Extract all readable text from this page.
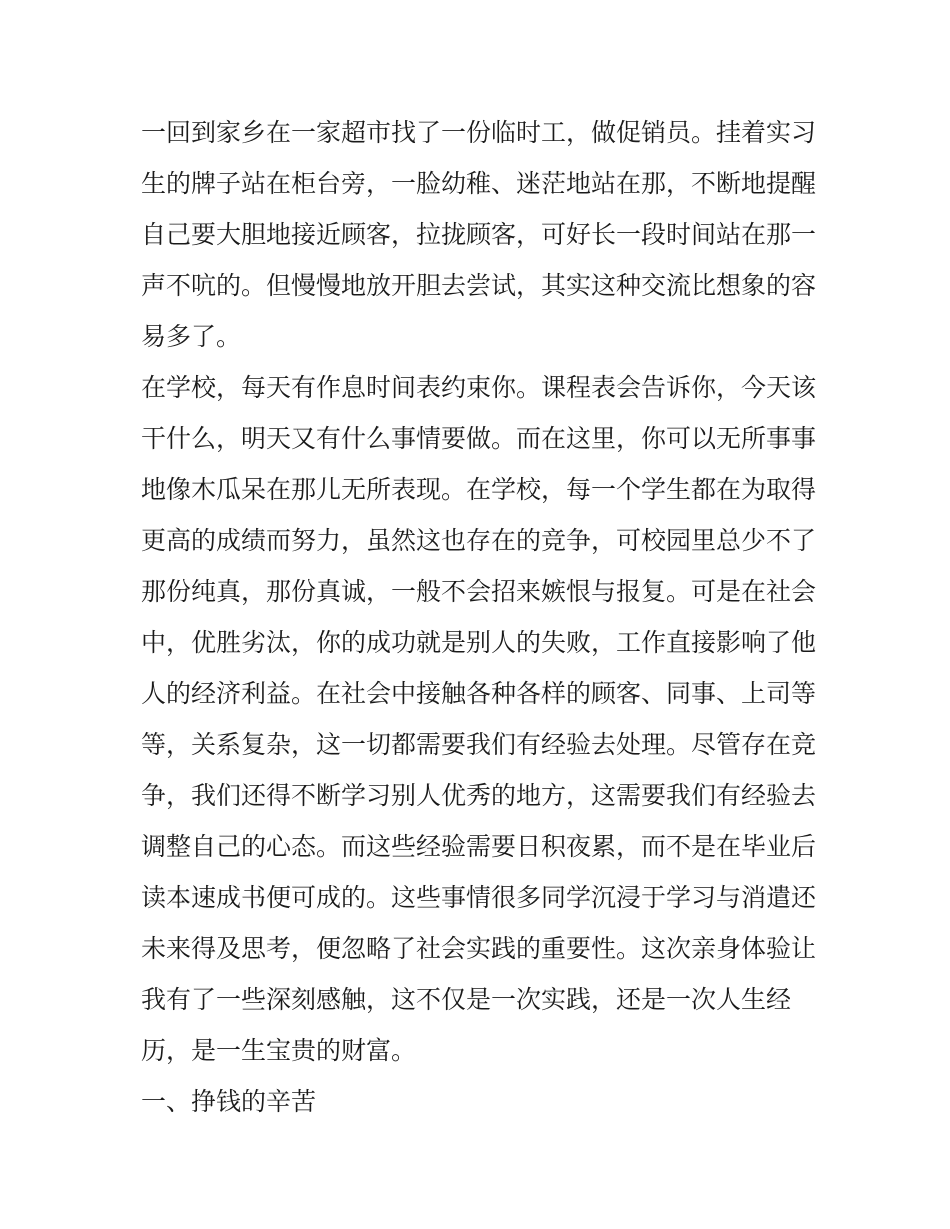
一回到家乡在一家超市找了一份临时工，做促销员。挂着实习
生的牌子站在柜台旁，一脸幼稚、迷茫地站在那，不断地提醒
自己要大胆地接近顾客，拉拢顾客，可好长一段时间站在那一
声不吭的。但慢慢地放开胆去尝试，其实这种交流比想象的容
易多了。
在学校，每天有作息时间表约束你。课程表会告诉你，今天该
干什么，明天又有什么事情要做。而在这里，你可以无所事事
地像木瓜呆在那儿无所表现。在学校，每一个学生都在为取得
更高的成绩而努力，虽然这也存在的竞争，可校园里总少不了
那份纯真，那份真诚，一般不会招来嫉恨与报复。可是在社会
中，优胜劣汰，你的成功就是别人的失败，工作直接影响了他
人的经济利益。在社会中接触各种各样的顾客、同事、上司等
等，关系复杂，这一切都需要我们有经验去处理。尽管存在竞
争，我们还得不断学习别人优秀的地方，这需要我们有经验去
调整自己的心态。而这些经验需要日积夜累，而不是在毕业后
读本速成书便可成的。这些事情很多同学沉浸于学习与消遣还
未来得及思考，便忽略了社会实践的重要性。这次亲身体验让
我有了一些深刻感触，这不仅是一次实践，还是一次人生经
历，是一生宝贵的财富。
一、挣钱的辛苦
